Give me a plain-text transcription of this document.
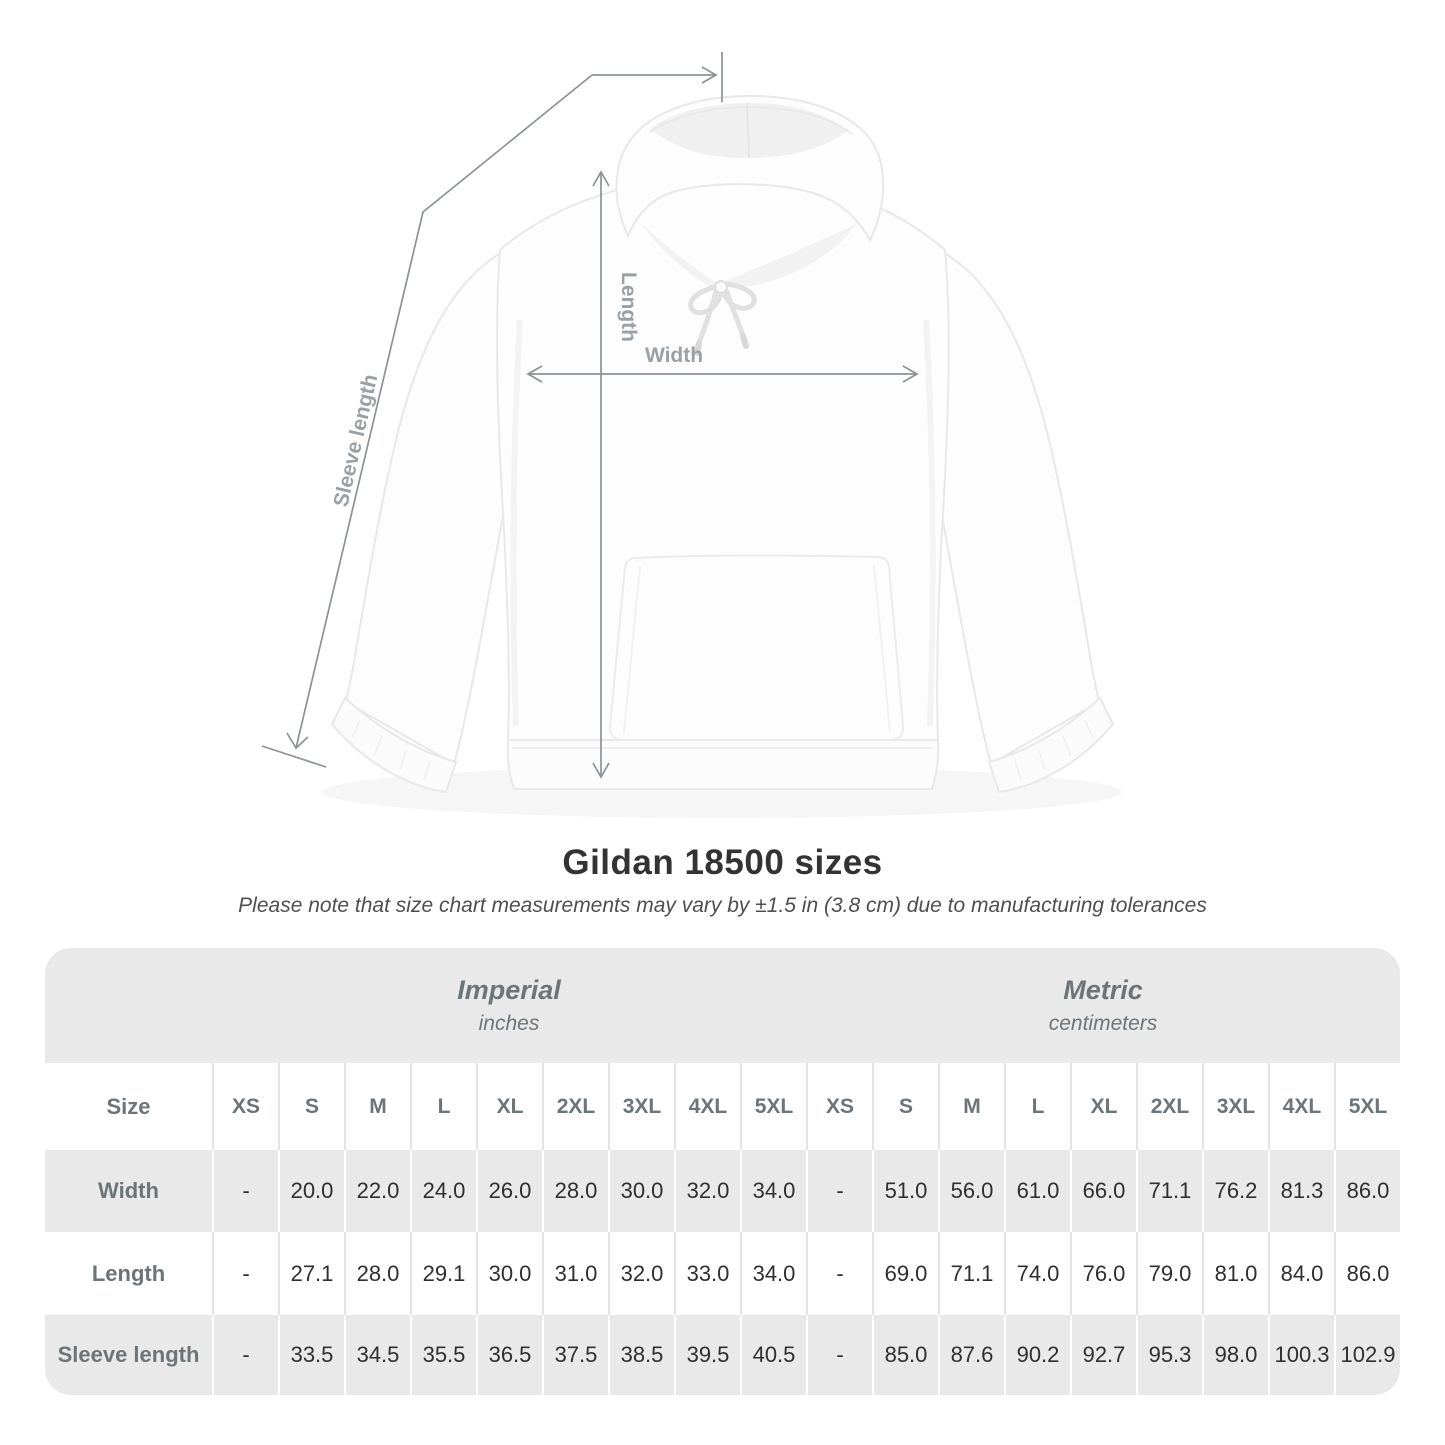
Length
Width
Sleeve length
Gildan 18500 sizes
Please note that size chart measurements may vary by ±1.5 in (3.8 cm) due to manufacturing tolerances
Imperial
inches
Metric
centimeters
Size	XS	S	M	L	XL	2XL	3XL	4XL	5XL	XS	S	M	L	XL	2XL	3XL	4XL	5XL
Width	-	20.0	22.0	24.0	26.0	28.0	30.0	32.0	34.0	-	51.0	56.0	61.0	66.0	71.1	76.2	81.3	86.0
Length	-	27.1	28.0	29.1	30.0	31.0	32.0	33.0	34.0	-	69.0	71.1	74.0	76.0	79.0	81.0	84.0	86.0
Sleeve length	-	33.5	34.5	35.5	36.5	37.5	38.5	39.5	40.5	-	85.0	87.6	90.2	92.7	95.3	98.0 100.3 102.9
